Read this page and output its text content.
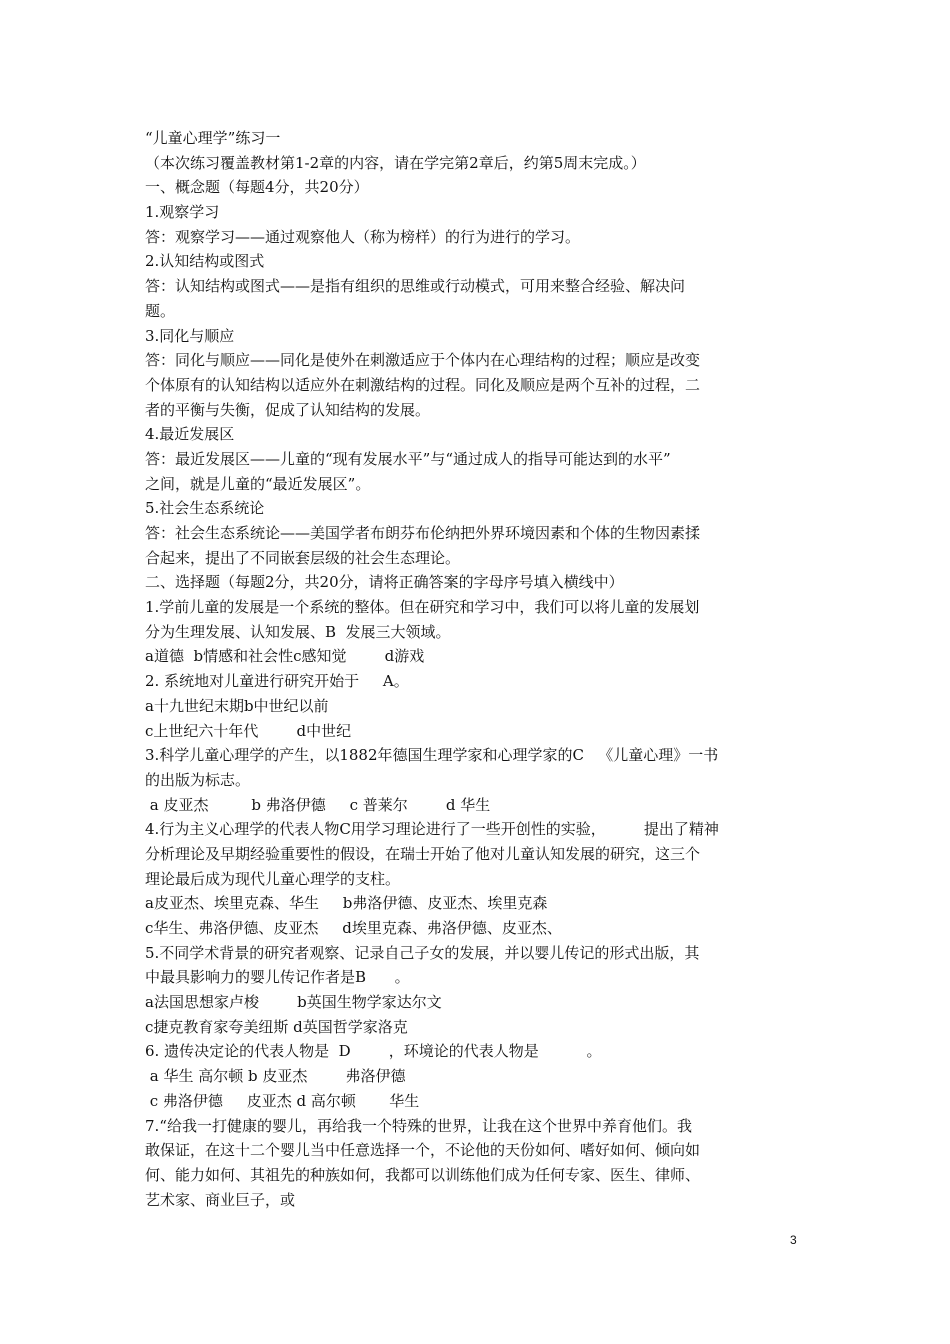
“儿童心理学”练习一
（本次练习覆盖教材第1-2章的内容，请在学完第2章后，约第5周末完成。）
一、概念题（每题4分，共20分）
1.观察学习
答：观察学习——通过观察他人（称为榜样）的行为进行的学习。
2.认知结构或图式
答：认知结构或图式——是指有组织的思维或行动模式，可用来整合经验、解决问
题。
3.同化与顺应
答：同化与顺应——同化是使外在刺激适应于个体内在心理结构的过程；顺应是改变
个体原有的认知结构以适应外在刺激结构的过程。同化及顺应是两个互补的过程，二
者的平衡与失衡，促成了认知结构的发展。
4.最近发展区
答：最近发展区——儿童的“现有发展水平”与“通过成人的指导可能达到的水平”
之间，就是儿童的“最近发展区”。
5.社会生态系统论
答：社会生态系统论——美国学者布朗芬布伦纳把外界环境因素和个体的生物因素揉
合起来，提出了不同嵌套层级的社会生态理论。
二、选择题（每题2分，共20分，请将正确答案的字母序号填入横线中）
1.学前儿童的发展是一个系统的整体。但在研究和学习中，我们可以将儿童的发展划
分为生理发展、认知发展、B  发展三大领域。
a道德  b情感和社会性c感知觉        d游戏
2. 系统地对儿童进行研究开始于     A。
a十九世纪末期b中世纪以前
c上世纪六十年代        d中世纪
3.科学儿童心理学的产生，以1882年德国生理学家和心理学家的C   《儿童心理》一书
的出版为标志。
a 皮亚杰         b 弗洛伊德     c 普莱尔        d 华生
4.行为主义心理学的代表人物C用学习理论进行了一些开创性的实验，        提出了精神
分析理论及早期经验重要性的假设，在瑞士开始了他对儿童认知发展的研究，这三个
理论最后成为现代儿童心理学的支柱。
a皮亚杰、埃里克森、华生     b弗洛伊德、皮亚杰、埃里克森
c华生、弗洛伊德、皮亚杰     d埃里克森、弗洛伊德、皮亚杰、
5.不同学术背景的研究者观察、记录自己子女的发展，并以婴儿传记的形式出版，其
中最具影响力的婴儿传记作者是B      。
a法国思想家卢梭        b英国生物学家达尔文
c捷克教育家夸美纽斯 d英国哲学家洛克
6. 遗传决定论的代表人物是  D        ，环境论的代表人物是          。
a 华生 高尔顿 b 皮亚杰        弗洛伊德
c 弗洛伊德     皮亚杰 d 高尔顿       华生
7.“给我一打健康的婴儿，再给我一个特殊的世界，让我在这个世界中养育他们。我
敢保证，在这十二个婴儿当中任意选择一个，不论他的天份如何、嗜好如何、倾向如
何、能力如何、其祖先的种族如何，我都可以训练他们成为任何专家、医生、律师、
艺术家、商业巨子，或
3
